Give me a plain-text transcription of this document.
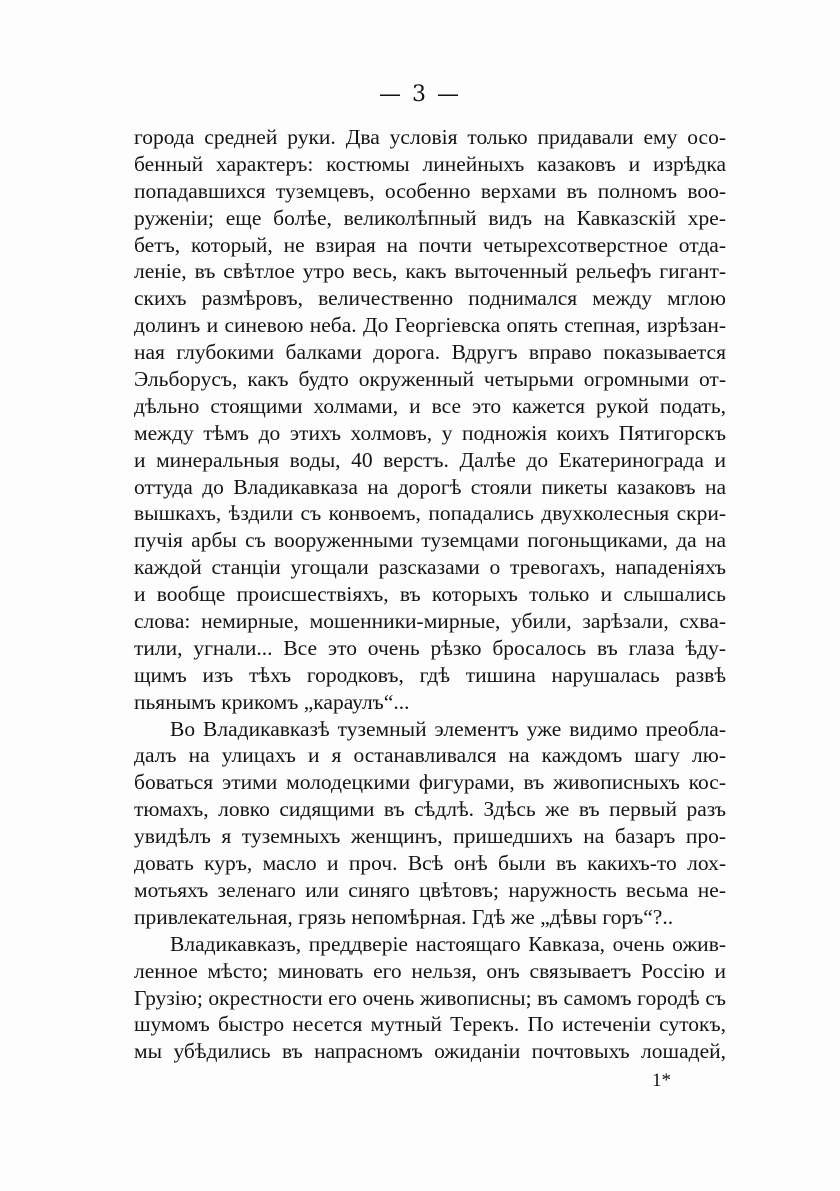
— 3 —
города средней руки. Два условія только придавали ему осо-
бенный характеръ: костюмы линейныхъ казаковъ и изрѣдка
попадавшихся туземцевъ, особенно верхами въ полномъ воо-
руженіи; еще болѣе, великолѣпный видъ на Кавказскій хре-
бетъ, который, не взирая на почти четырехсотверстное отда-
леніе, въ свѣтлое утро весь, какъ выточенный рельефъ гигант-
скихъ размѣровъ, величественно поднимался между мглою
долинъ и синевою неба. До Георгіевска опять степная, изрѣзан-
ная глубокими балками дорога. Вдругъ вправо показывается
Эльборусъ, какъ будто окруженный четырьми огромными от-
дѣльно стоящими холмами, и все это кажется рукой подать,
между тѣмъ до этихъ холмовъ, у подножія коихъ Пятигорскъ
и минеральныя воды, 40 верстъ. Далѣе до Екатеринограда и
оттуда до Владикавказа на дорогѣ стояли пикеты казаковъ на
вышкахъ, ѣздили съ конвоемъ, попадались двухколесныя скри-
пучія арбы съ вооруженными туземцами погоньщиками, да на
каждой станціи угощали разсказами о тревогахъ, нападеніяхъ
и вообще происшествіяхъ, въ которыхъ только и слышались
слова: немирные, мошенники-мирные, убили, зарѣзали, схва-
тили, угнали... Все это очень рѣзко бросалось въ глаза ѣду-
щимъ изъ тѣхъ городковъ, гдѣ тишина нарушалась развѣ
пьянымъ крикомъ „караулъ“...
Во Владикавказѣ туземный элементъ уже видимо преобла-
далъ на улицахъ и я останавливался на каждомъ шагу лю-
боваться этими молодецкими фигурами, въ живописныхъ кос-
тюмахъ, ловко сидящими въ сѣдлѣ. Здѣсь же въ первый разъ
увидѣлъ я туземныхъ женщинъ, пришедшихъ на базаръ про-
довать куръ, масло и проч. Всѣ онѣ были въ какихъ-то лох-
мотьяхъ зеленаго или синяго цвѣтовъ; наружность весьма не-
привлекательная, грязь непомѣрная. Гдѣ же „дѣвы горъ“?..
Владикавказъ, преддверіе настоящаго Кавказа, очень ожив-
ленное мѣсто; миновать его нельзя, онъ связываетъ Россію и
Грузію; окрестности его очень живописны; въ самомъ городѣ съ
шумомъ быстро несется мутный Терекъ. По истеченіи сутокъ,
мы убѣдились въ напрасномъ ожиданіи почтовыхъ лошадей,
1*
